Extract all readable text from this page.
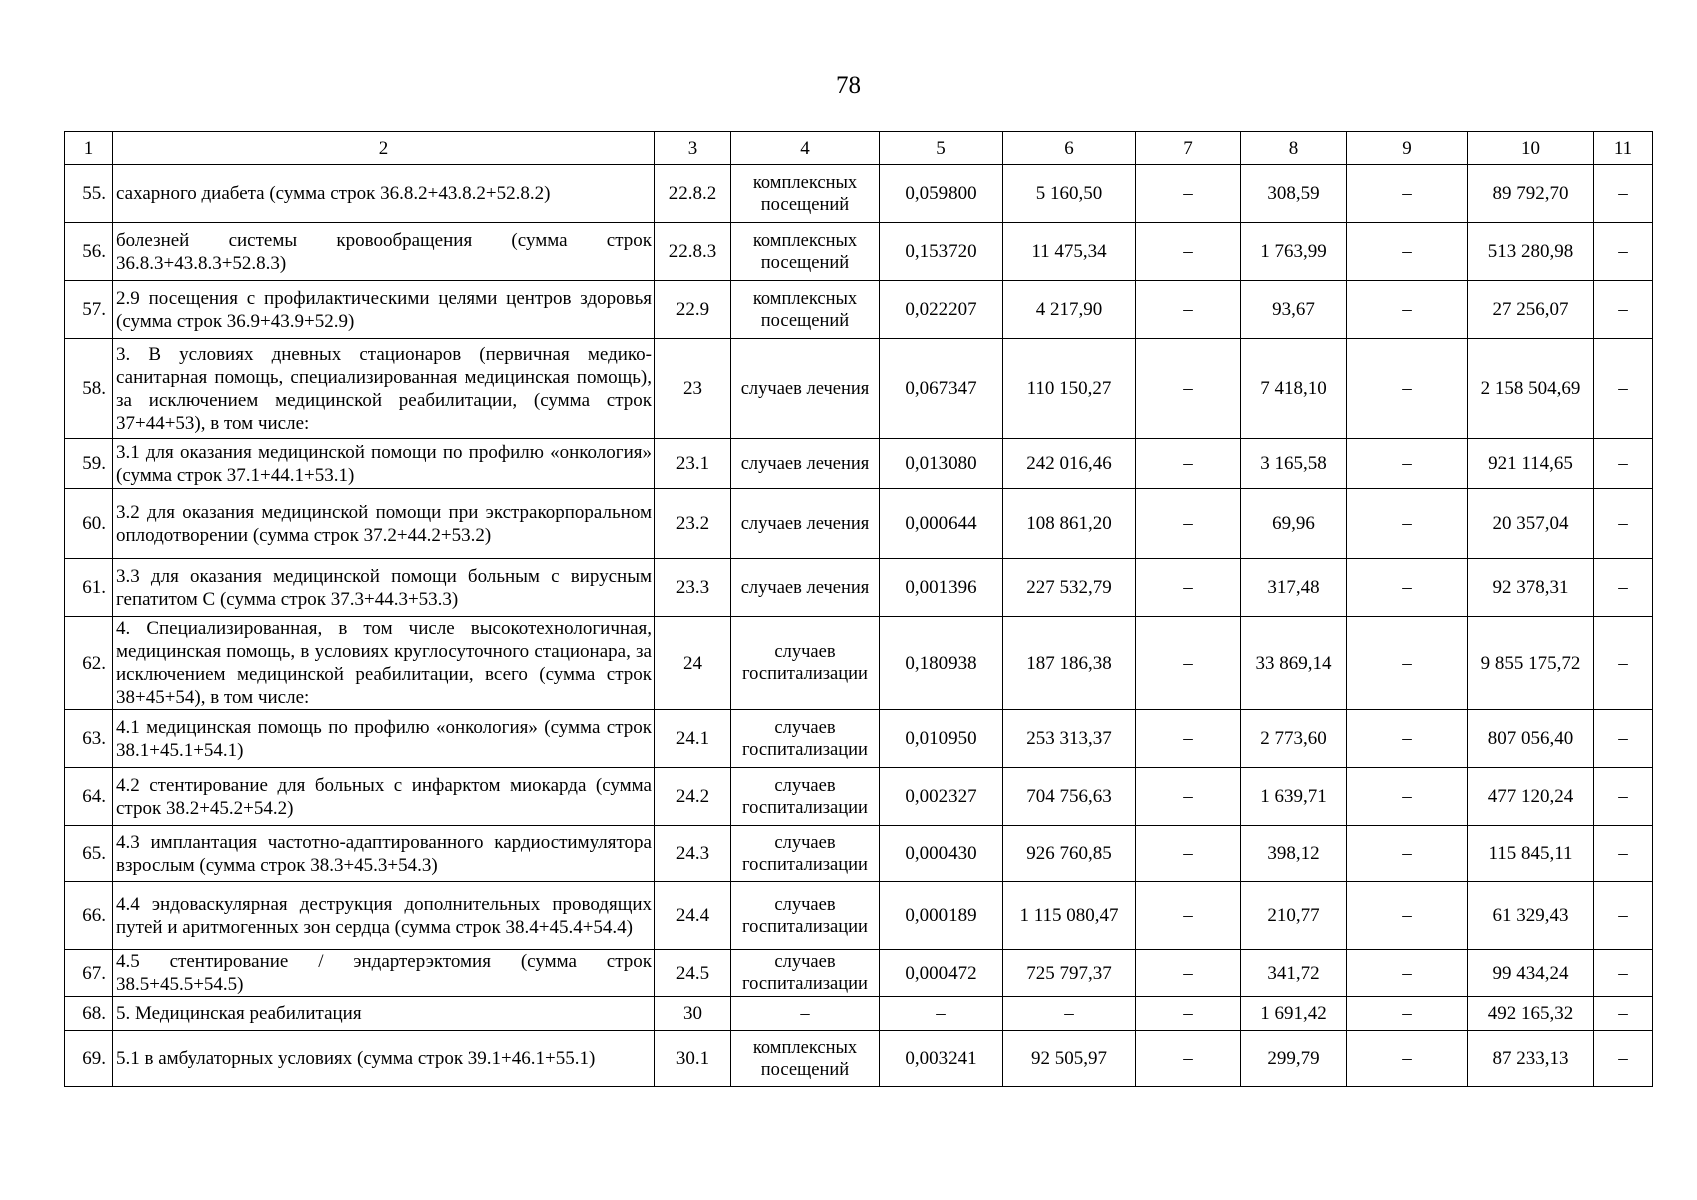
78
1	2	3	4	5	6	7	8	9	10	11
55.	сахарного диабета (сумма строк 36.8.2+43.8.2+52.8.2)	22.8.2	комплексных посещений	0,059800	5 160,50	–	308,59	–	89 792,70	–
56.	болезней системы кровообращения (сумма строк 36.8.3+43.8.3+52.8.3)	22.8.3	комплексных посещений	0,153720	11 475,34	–	1 763,99	–	513 280,98	–
57.	2.9 посещения с профилактическими целями центров здоровья (сумма строк 36.9+43.9+52.9)	22.9	комплексных посещений	0,022207	4 217,90	–	93,67	–	27 256,07	–
58.	3. В условиях дневных стационаров (первичная медико-санитарная помощь, специализированная медицинская помощь), за исключением медицинской реабилитации, (сумма строк 37+44+53), в том числе:	23	случаев лечения	0,067347	110 150,27	–	7 418,10	–	2 158 504,69	–
59.	3.1 для оказания медицинской помощи по профилю «онкология» (сумма строк 37.1+44.1+53.1)	23.1	случаев лечения	0,013080	242 016,46	–	3 165,58	–	921 114,65	–
60.	3.2 для оказания медицинской помощи при экстракорпоральном оплодотворении (сумма строк 37.2+44.2+53.2)	23.2	случаев лечения	0,000644	108 861,20	–	69,96	–	20 357,04	–
61.	3.3 для оказания медицинской помощи больным с вирусным гепатитом С (сумма строк 37.3+44.3+53.3)	23.3	случаев лечения	0,001396	227 532,79	–	317,48	–	92 378,31	–
62.	4. Специализированная, в том числе высокотехнологичная, медицинская помощь, в условиях круглосуточного стационара, за исключением медицинской реабилитации, всего (сумма строк 38+45+54), в том числе:	24	случаев госпитализации	0,180938	187 186,38	–	33 869,14	–	9 855 175,72	–
63.	4.1 медицинская помощь по профилю «онкология» (сумма строк 38.1+45.1+54.1)	24.1	случаев госпитализации	0,010950	253 313,37	–	2 773,60	–	807 056,40	–
64.	4.2 стентирование для больных с инфарктом миокарда (сумма строк 38.2+45.2+54.2)	24.2	случаев госпитализации	0,002327	704 756,63	–	1 639,71	–	477 120,24	–
65.	4.3 имплантация частотно-адаптированного кардиостимулятора взрослым (сумма строк 38.3+45.3+54.3)	24.3	случаев госпитализации	0,000430	926 760,85	–	398,12	–	115 845,11	–
66.	4.4 эндоваскулярная деструкция дополнительных проводящих путей и аритмогенных зон сердца (сумма строк 38.4+45.4+54.4)	24.4	случаев госпитализации	0,000189	1 115 080,47	–	210,77	–	61 329,43	–
67.	4.5 стентирование / эндартерэктомия (сумма строк 38.5+45.5+54.5)	24.5	случаев госпитализации	0,000472	725 797,37	–	341,72	–	99 434,24	–
68.	5. Медицинская реабилитация	30	–	–	–	–	1 691,42	–	492 165,32	–
69.	5.1 в амбулаторных условиях (сумма строк 39.1+46.1+55.1)	30.1	комплексных посещений	0,003241	92 505,97	–	299,79	–	87 233,13	–
